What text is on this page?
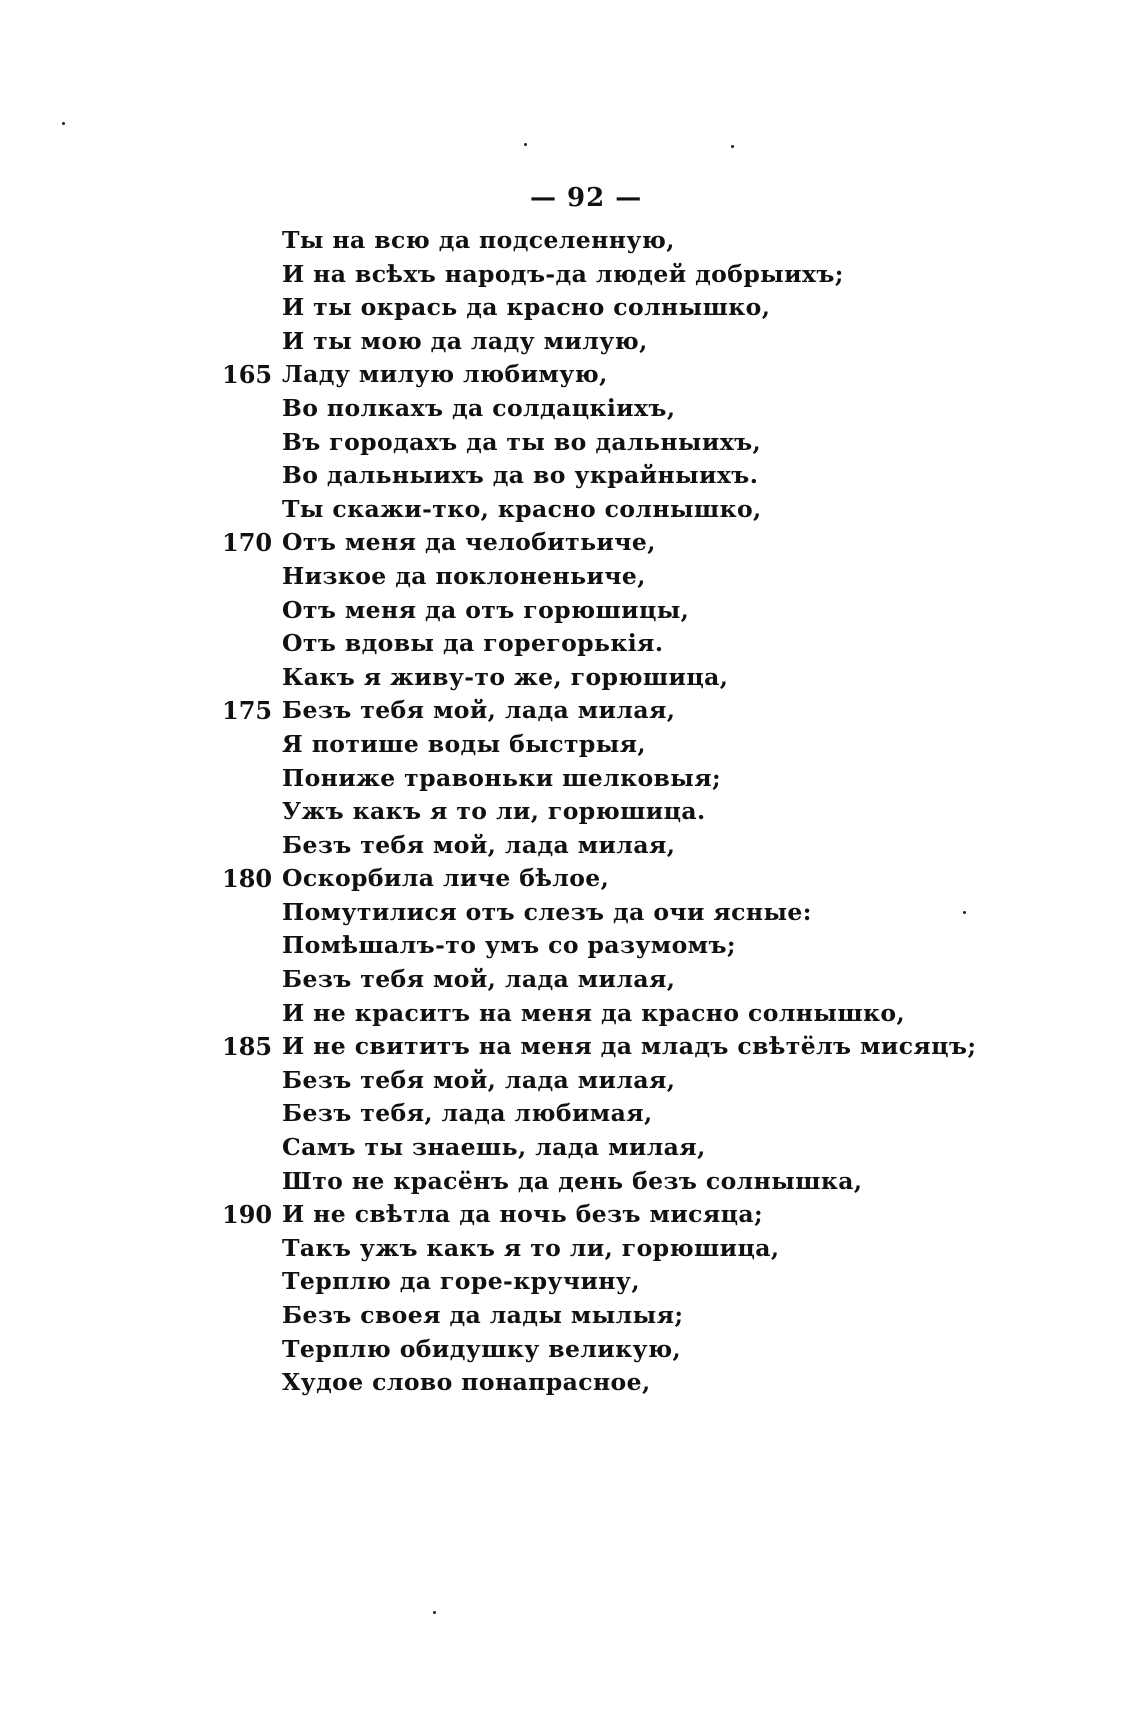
— 92 —
Ты на всю да подселенную,
И на всѣхъ народъ-да людей добрыихъ;
И ты окрась да красно солнышко,
И ты мою да ладу милую,
165 Ладу милую любимую,
Во полкахъ да солдацкіихъ,
Въ городахъ да ты во дальныихъ,
Во дальныихъ да во украйныихъ.
Ты скажи-тко, красно солнышко,
170 Отъ меня да челобитьиче,
Низкое да поклоненьиче,
Отъ меня да отъ горюшицы,
Отъ вдовы да горегорькія.
Какъ я живу-то же, горюшица,
175 Безъ тебя мой, лада милая,
Я потише воды быстрыя,
Пониже травоньки шелковыя;
Ужъ какъ я то ли, горюшица.
Безъ тебя мой, лада милая,
180 Оскорбила личе бѣлое,
Помутилися отъ слезъ да очи ясные:
Помѣшалъ-то умъ со разумомъ;
Безъ тебя мой, лада милая,
И не краситъ на меня да красно солнышко,
185 И не свититъ на меня да младъ свѣтёлъ мисяцъ;
Безъ тебя мой, лада милая,
Безъ тебя, лада любимая,
Самъ ты знаешь, лада милая,
Што не красёнъ да день безъ солнышка,
190 И не свѣтла да ночь безъ мисяца;
Такъ ужъ какъ я то ли, горюшица,
Терплю да горе-кручину,
Безъ своея да лады мылыя;
Терплю обидушку великую,
Худое слово понапрасное,
